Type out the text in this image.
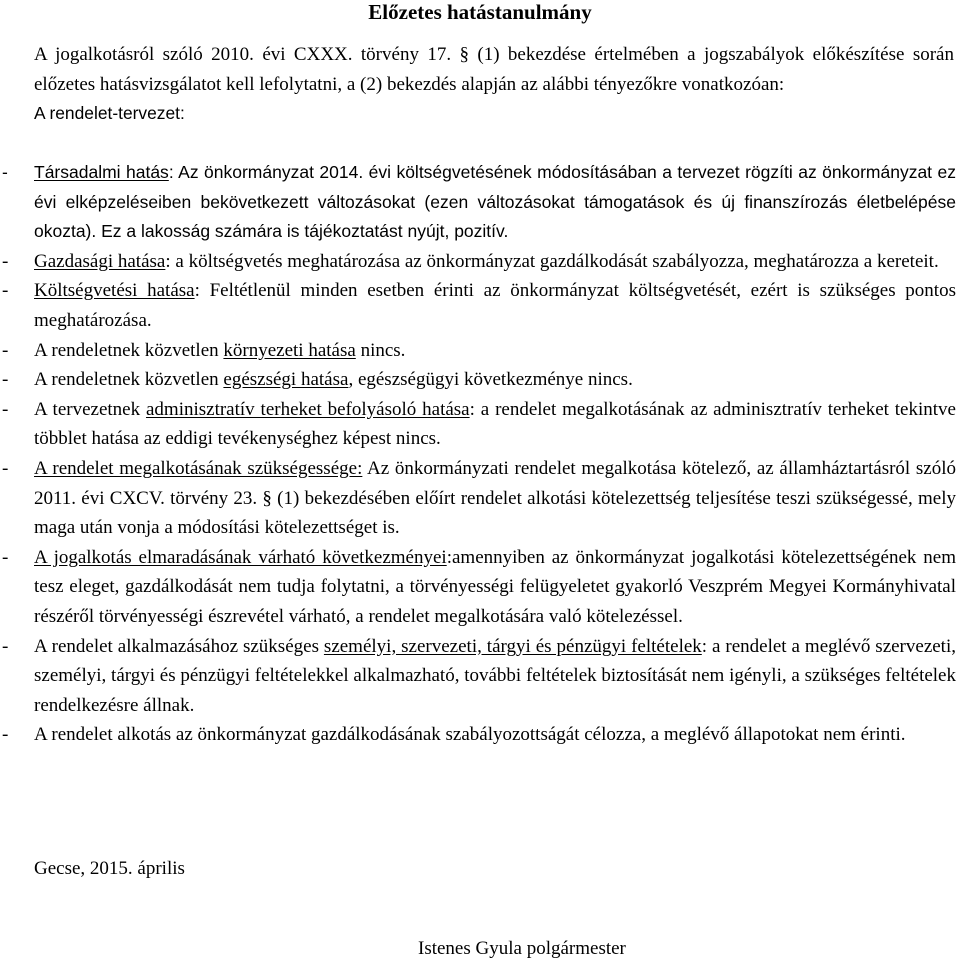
Előzetes hatástanulmány
A jogalkotásról szóló 2010. évi CXXX. törvény 17. § (1) bekezdése értelmében a jogszabályok előkészítése során előzetes hatásvizsgálatot kell lefolytatni, a (2) bekezdés alapján az alábbi tényezőkre vonatkozóan:
A rendelet-tervezet:
- Társadalmi hatás: Az önkormányzat 2014. évi költségvetésének módosításában a tervezet rögzíti az önkormányzat ez évi elképzeléseiben bekövetkezett változásokat (ezen változásokat támogatások és új finanszírozás életbelépése okozta). Ez a lakosság számára is tájékoztatást nyújt, pozitív.
- Gazdasági hatása: a költségvetés meghatározása az önkormányzat gazdálkodását szabályozza, meghatározza a kereteit.
- Költségvetési hatása: Feltétlenül minden esetben érinti az önkormányzat költségvetését, ezért is szükséges pontos meghatározása.
- A rendeletnek közvetlen környezeti hatása nincs.
- A rendeletnek közvetlen egészségi hatása, egészségügyi következménye nincs.
- A tervezetnek adminisztratív terheket befolyásoló hatása: a rendelet megalkotásának az adminisztratív terheket tekintve többlet hatása az eddigi tevékenységhez képest nincs.
- A rendelet megalkotásának szükségessége: Az önkormányzati rendelet megalkotása kötelező, az államháztartásról szóló 2011. évi CXCV. törvény 23. § (1) bekezdésében előírt rendelet alkotási kötelezettség teljesítése teszi szükségessé, mely maga után vonja a módosítási kötelezettséget is.
- A jogalkotás elmaradásának várható következményei:amennyiben az önkormányzat jogalkotási kötelezettségének nem tesz eleget, gazdálkodását nem tudja folytatni, a törvényességi felügyeletet gyakorló Veszprém Megyei Kormányhivatal részéről törvényességi észrevétel várható, a rendelet megalkotására való kötelezéssel.
- A rendelet alkalmazásához szükséges személyi, szervezeti, tárgyi és pénzügyi feltételek: a rendelet a meglévő szervezeti, személyi, tárgyi és pénzügyi feltételekkel alkalmazható, további feltételek biztosítását nem igényli, a szükséges feltételek rendelkezésre állnak.
- A rendelet alkotás az önkormányzat gazdálkodásának szabályozottságát célozza, a meglévő állapotokat nem érinti.
Gecse, 2015. április
Istenes Gyula polgármester
